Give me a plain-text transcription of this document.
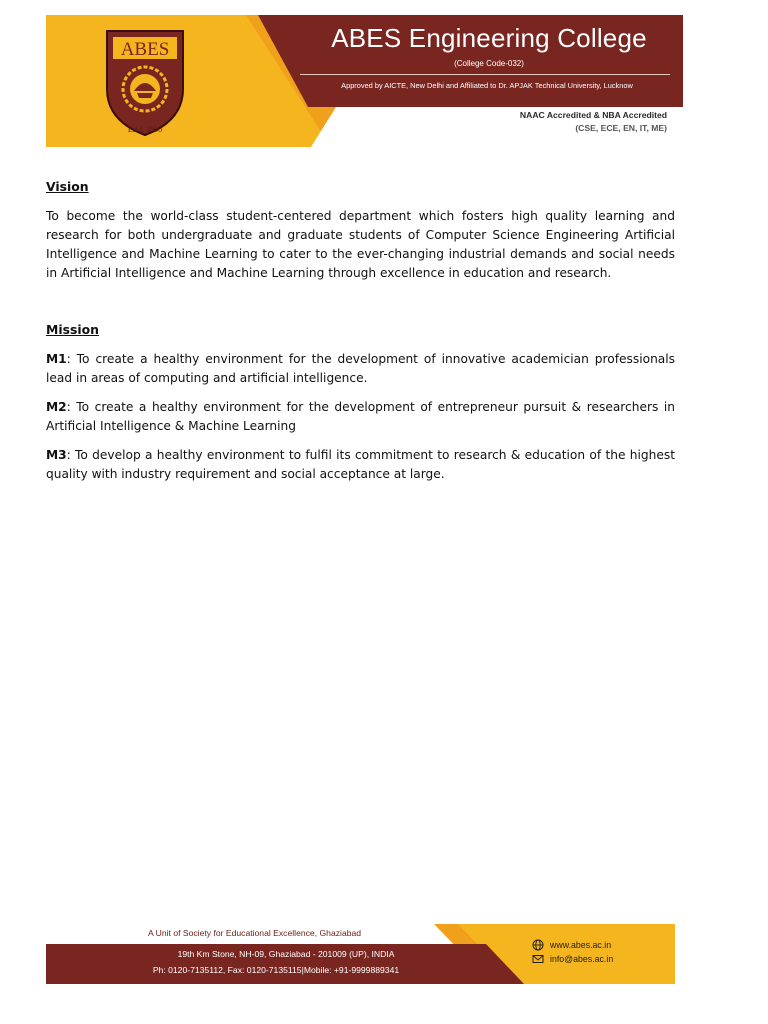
ABES
Estd. 2000
ABES Engineering College
(College Code-032)
Approved by AICTE, New Delhi and Affiliated to Dr. APJAK Technical University, Lucknow
NAAC Accredited & NBA Accredited
(CSE, ECE, EN, IT, ME)
Vision

To become the world-class student-centered department which fosters high quality learning and research for both undergraduate and graduate students of Computer Science Engineering Artificial Intelligence and Machine Learning to cater to the ever-changing industrial demands and social needs in Artificial Intelligence and Machine Learning through excellence in education and research.

Mission

M1: To create a healthy environment for the development of innovative academician professionals lead in areas of computing and artificial intelligence.

M2: To create a healthy environment for the development of entrepreneur pursuit & researchers in Artificial Intelligence & Machine Learning

M3: To develop a healthy environment to fulfil its commitment to research & education of the highest quality with industry requirement and social acceptance at large.

A Unit of Society for Educational Excellence, Ghaziabad
19th Km Stone, NH-09, Ghaziabad - 201009 (UP), INDIA
Ph: 0120-7135112, Fax: 0120-7135115|Mobile: +91-9999889341
www.abes.ac.in
info@abes.ac.in
